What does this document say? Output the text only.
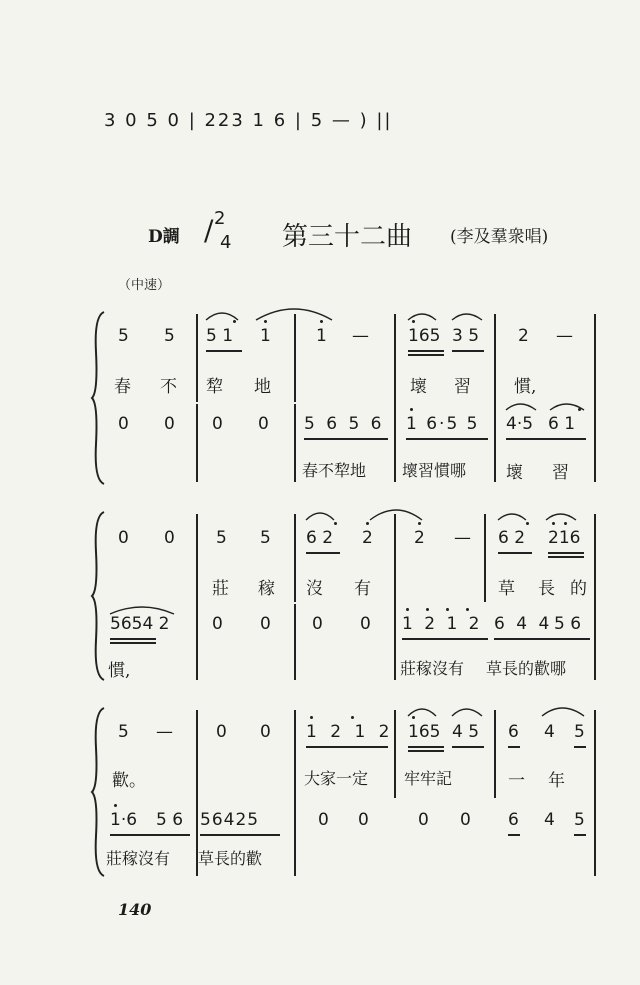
3 0 5 0 | 223 1 6 | 5 — ) ||
D調
2
/ 4 第三十二曲 (李及羣衆唱)
（中速）
5 5 5 1 1	1 — 165 3 5 2 —
春 不 犂 地	壞 習	慣,
0 0 0 0 5 6 5 6 1 6·5 5 4·5 6 1
春不犂地 壞習慣哪 壞 習
0 0 5 5 6 2 2 2 — 6 2 216
莊 稼 沒 有	草 長 的
5654 2	0 0 0 0 1 2 1 2 6 4 4 5 6
慣,	莊稼沒有 草長的歡哪
5 —	0 0 1 2 1 2 165 4 5 6 4 5
歡。	大家一定 牢牢記	一 年
1·6 5 6 56425	0 0	0 0 6 4 5
莊稼沒有 草長的歡
140
